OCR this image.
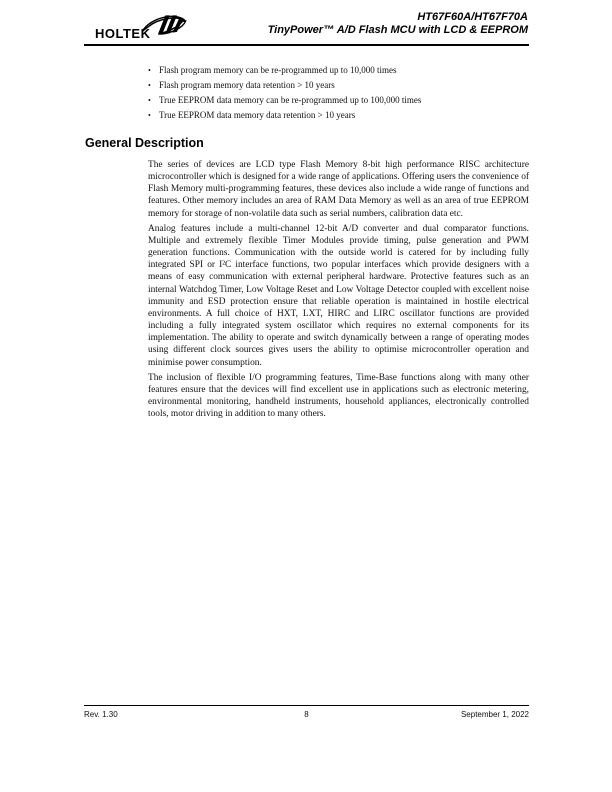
HOLTEK
HT67F60A/HT67F70A
TinyPower™ A/D Flash MCU with LCD & EEPROM
• Flash program memory can be re-programmed up to 10,000 times
• Flash program memory data retention > 10 years
• True EEPROM data memory can be re-programmed up to 100,000 times
• True EEPROM data memory data retention > 10 years
General Description

The series of devices are LCD type Flash Memory 8-bit high performance RISC architecture microcontroller which is designed for a wide range of applications. Offering users the convenience of Flash Memory multi-programming features, these devices also include a wide range of functions and features. Other memory includes an area of RAM Data Memory as well as an area of true EEPROM memory for storage of non-volatile data such as serial numbers, calibration data etc.

Analog features include a multi-channel 12-bit A/D converter and dual comparator functions. Multiple and extremely flexible Timer Modules provide timing, pulse generation and PWM generation functions. Communication with the outside world is catered for by including fully integrated SPI or I²C interface functions, two popular interfaces which provide designers with a means of easy communication with external peripheral hardware. Protective features such as an internal Watchdog Timer, Low Voltage Reset and Low Voltage Detector coupled with excellent noise immunity and ESD protection ensure that reliable operation is maintained in hostile electrical environments. A full choice of HXT, LXT, HIRC and LIRC oscillator functions are provided including a fully integrated system oscillator which requires no external components for its implementation. The ability to operate and switch dynamically between a range of operating modes using different clock sources gives users the ability to optimise microcontroller operation and minimise power consumption.

The inclusion of flexible I/O programming features, Time-Base functions along with many other features ensure that the devices will find excellent use in applications such as electronic metering, environmental monitoring, handheld instruments, household appliances, electronically controlled tools, motor driving in addition to many others.

Rev. 1.30	8	September 1, 2022
